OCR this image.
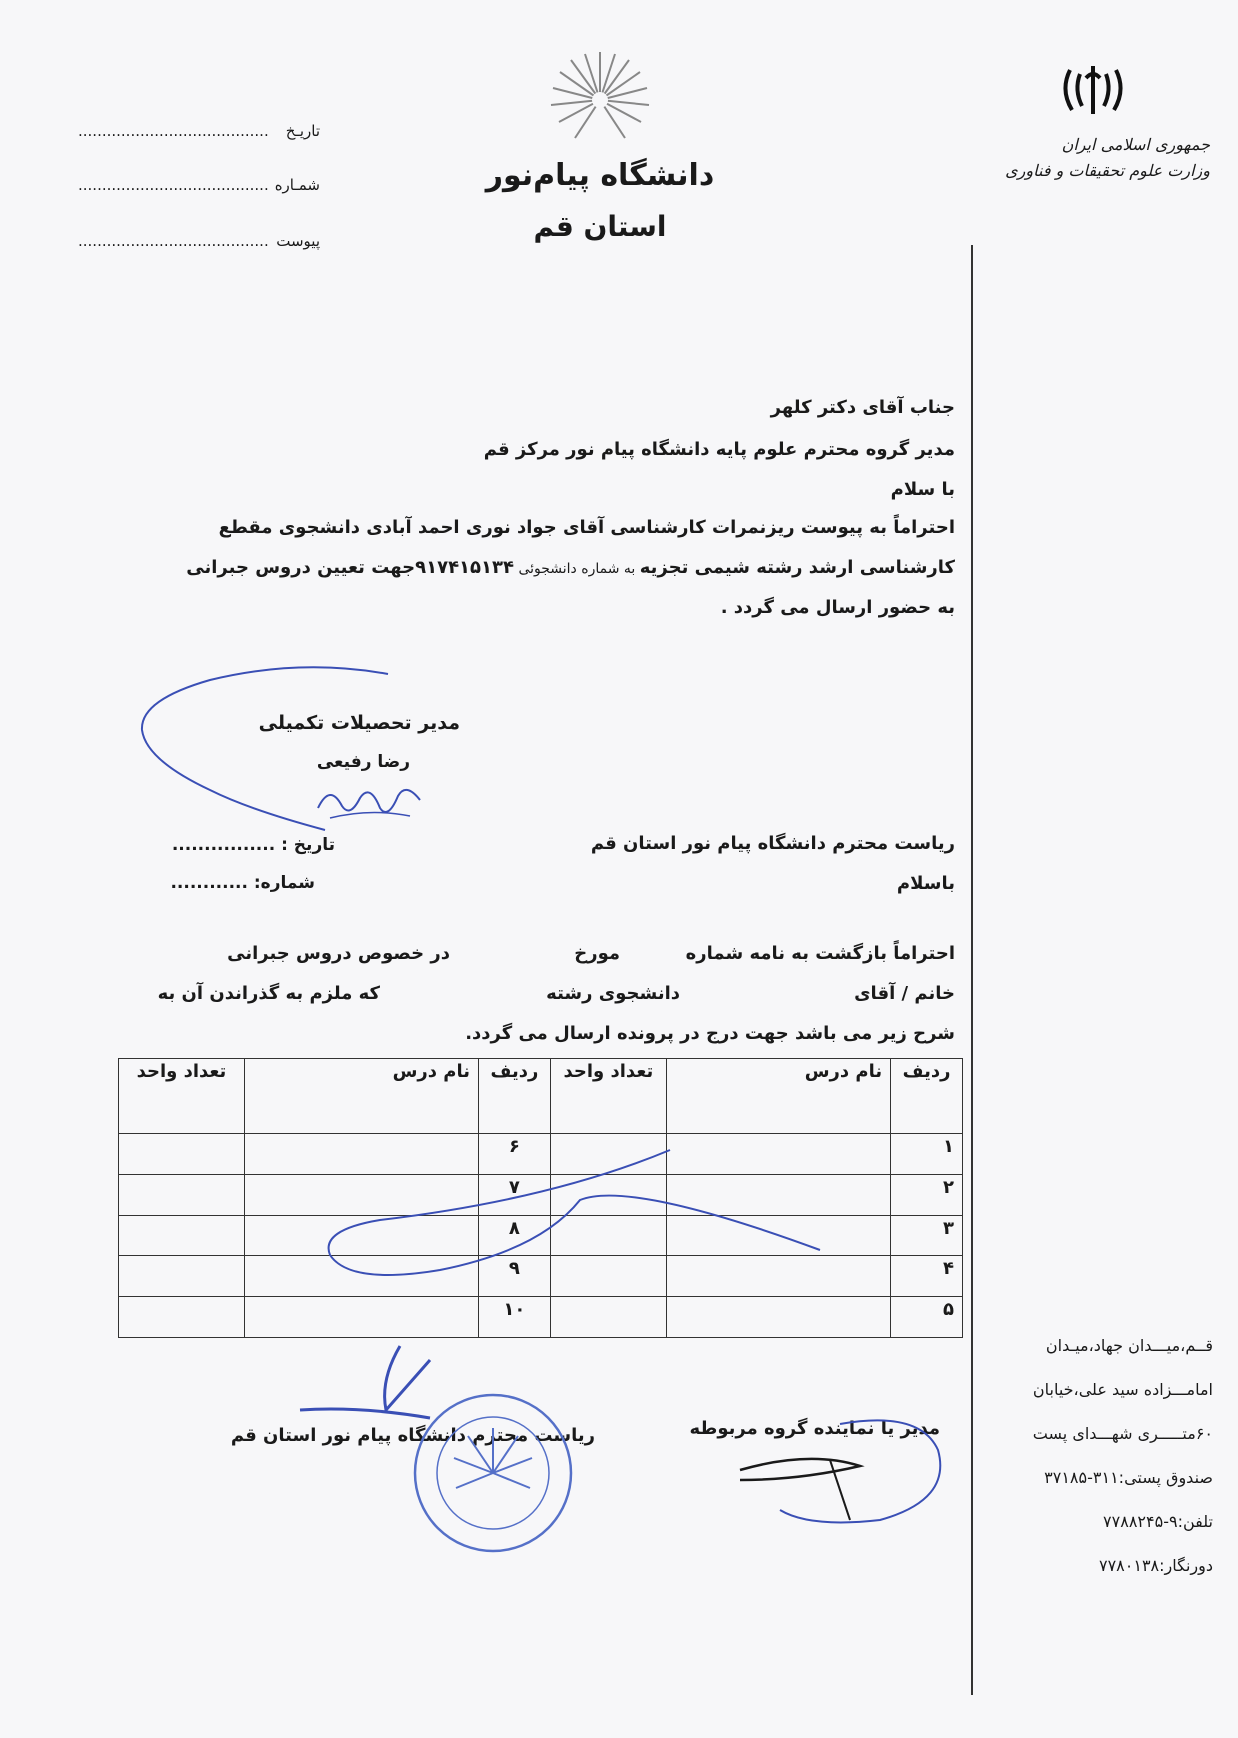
جمهوری اسلامی ایران
وزارت علوم تحقیقات و فناوری
دانشگاه پیام‌نور
استان قم
تاریـخ
........................................
شمـاره
........................................
پیوست
........................................
جناب آقای دکتر کلهر
مدیر گروه محترم علوم پایه دانشگاه پیام نور مرکز قم
با سلام
احتراماً به پیوست ریزنمرات کارشناسی آقای جواد نوری احمد آبادی دانشجوی مقطع
کارشناسی ارشد رشته شیمی تجزیه به شماره دانشجوئی ۹۱۷۴۱۵۱۳۴جهت تعیین دروس جبرانی
به حضور ارسال می گردد .
مدیر تحصیلات تکمیلی
رضا رفیعی
تاریخ : ................
شماره: ............
ریاست محترم دانشگاه پیام نور استان قم
باسلام
احتراماً بازگشت به نامه شماره
مورخ
در خصوص دروس جبرانی
خانم / آقای
دانشجوی رشته
که ملزم به گذراندن آن به
شرح زیر می باشد جهت درج در پرونده ارسال می گردد.
ردیف	نام درس	تعداد واحد	ردیف	نام درس	تعداد واحد
۱			۶		
۲			۷		
۳			۸		
۴			۹		
۵			۱۰		
مدیر یا نماینده گروه مربوطه
ریاست محترم دانشگاه پیام نور استان قم
قــم،میـــدان جهاد،میـدان
امامـــزاده سید علی،خیابان
۶۰متـــــری شهـــدای پست
صندوق پستی:۳۱۱-۳۷۱۸۵
تلفن:۹-۷۷۸۸۲۴۵
دورنگار:۷۷۸۰۱۳۸
